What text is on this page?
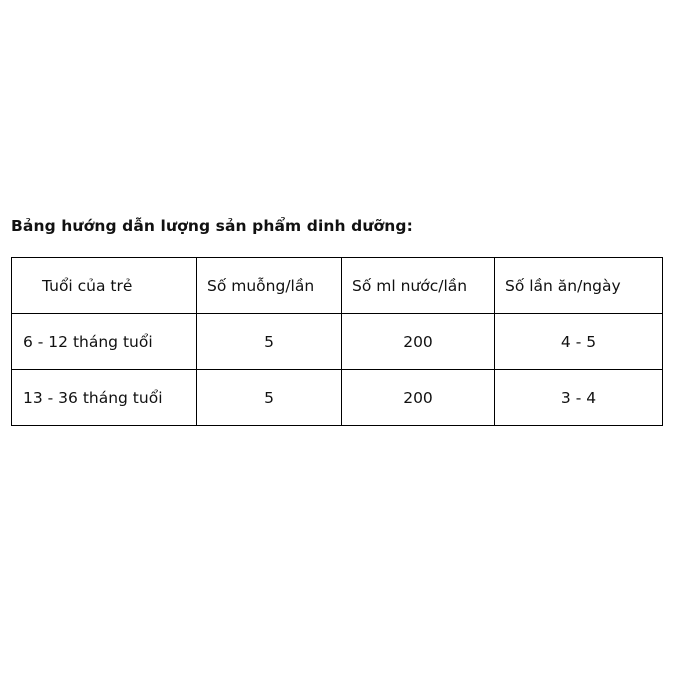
Bảng hướng dẫn lượng sản phẩm dinh dưỡng:
Tuổi của trẻ	Số muỗng/lần	Số ml nước/lần	Số lần ăn/ngày
6 - 12 tháng tuổi	5	200	4 - 5
13 - 36 tháng tuổi	5	200	3 - 4
